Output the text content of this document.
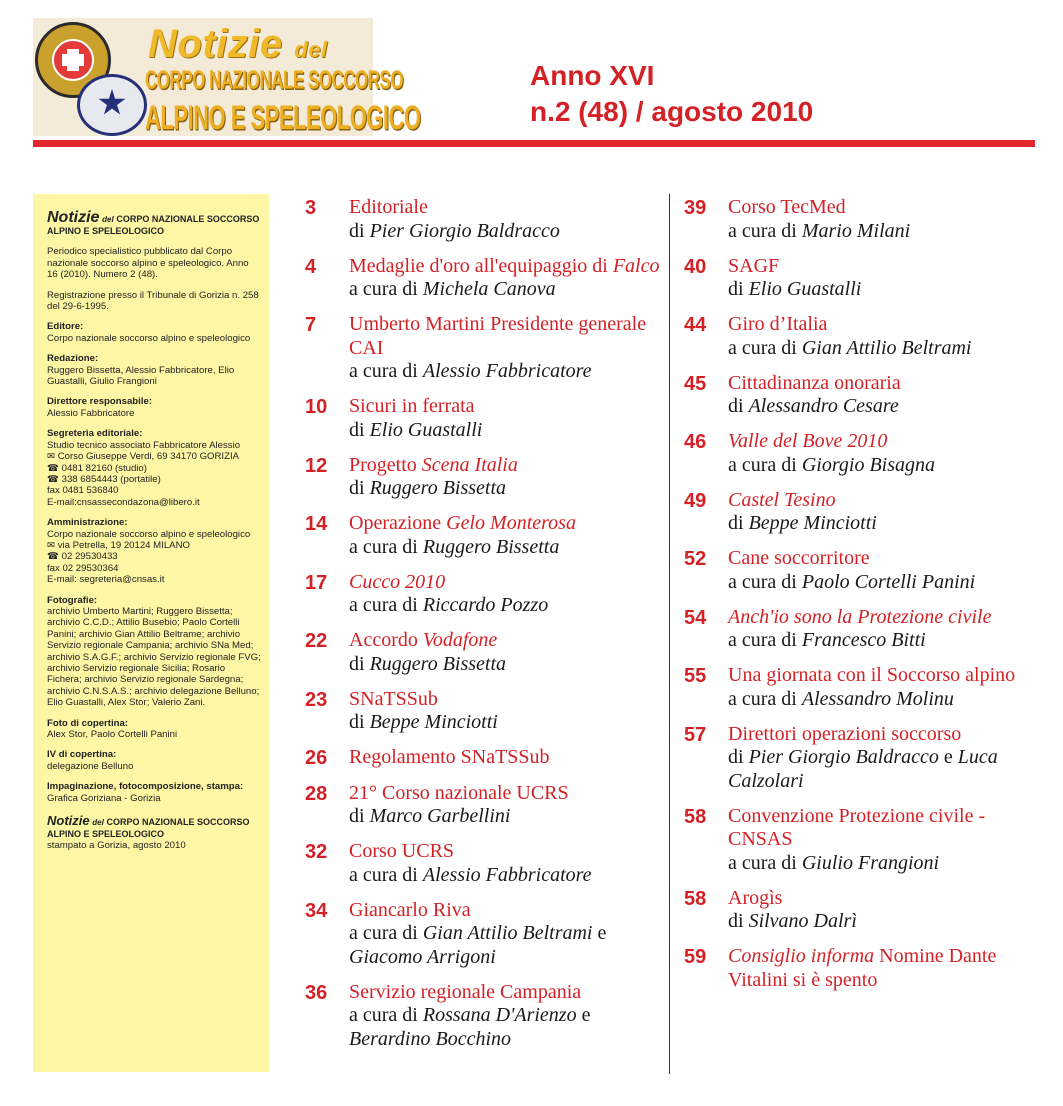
Notizie del
CORPO NAZIONALE SOCCORSO
ALPINO E SPELEOLOGICO
Anno XVI
n.2 (48) / agosto 2010

Notizie del CORPO NAZIONALE SOCCORSO ALPINO E SPELEOLOGICO

Periodico specialistico pubblicato dal Corpo nazionale soccorso alpino e speleologico. Anno 16 (2010). Numero 2 (48).

Registrazione presso il Tribunale di Gorizia n. 258 del 29-6-1995.

Editore:
Corpo nazionale soccorso alpino e speleologico

Redazione:
Ruggero Bissetta, Alessio Fabbricatore, Elio Guastalli, Giulio Frangioni

Direttore responsabile:
Alessio Fabbricatore

Segreteria editoriale:
Studio tecnico associato Fabbricatore Alessio
✉ Corso Giuseppe Verdi, 69 34170 GORIZIA
☎ 0481 82160 (studio)
☎ 338 6854443 (portatile)
fax 0481 536840
E-mail:cnsassecondazona@libero.it

Amministrazione:
Corpo nazionale soccorso alpino e speleologico
✉ via Petrella, 19 20124 MILANO
☎ 02 29530433
fax 02 29530364
E-mail: segreteria@cnsas.it

Fotografie:
archivio Umberto Martini; Ruggero Bissetta; archivio C.C.D.; Attilio Busebio; Paolo Cortelli Panini; archivio Gian Attilio Beltrame; archivio Servizio regionale Campania; archivio SNa Med; archivio S.A.G.F.; archivio Servizio regionale FVG; archivio Servizio regionale Sicilia; Rosario Fichera; archivio Servizio regionale Sardegna; archivio C.N.S.A.S.; archivio delegazione Belluno; Elio Guastalli, Alex Stor; Valerio Zani.

Foto di copertina:
Alex Stor, Paolo Cortelli Panini

IV di copertina:
delegazione Belluno

Impaginazione, fotocomposizione, stampa:
Grafica Goriziana - Gorizia

Notizie del CORPO NAZIONALE SOCCORSO ALPINO E SPELEOLOGICO
stampato a Gorizia, agosto 2010

3	Editoriale
di Pier Giorgio Baldracco
4	Medaglie d'oro all'equipaggio di Falco
a cura di Michela Canova
7	Umberto Martini Presidente generale CAI
a cura di Alessio Fabbricatore
10	Sicuri in ferrata
di Elio Guastalli
12	Progetto Scena Italia
di Ruggero Bissetta
14	Operazione Gelo Monterosa
a cura di Ruggero Bissetta
17	Cucco 2010
a cura di Riccardo Pozzo
22	Accordo Vodafone
di Ruggero Bissetta
23	SNaTSSub
di Beppe Minciotti
26	Regolamento SNaTSSub
28	21° Corso nazionale UCRS
di Marco Garbellini
32	Corso UCRS
a cura di Alessio Fabbricatore
34	Giancarlo Riva
a cura di Gian Attilio Beltrami e Giacomo Arrigoni
36	Servizio regionale Campania
a cura di Rossana D'Arienzo e Berardino Bocchino
39	Corso TecMed
a cura di Mario Milani
40	SAGF
di Elio Guastalli
44	Giro d’Italia
a cura di Gian Attilio Beltrami
45	Cittadinanza onoraria
di Alessandro Cesare
46	Valle del Bove 2010
a cura di Giorgio Bisagna
49	Castel Tesino
di Beppe Minciotti
52	Cane soccorritore
a cura di Paolo Cortelli Panini
54	Anch'io sono la Protezione civile
a cura di Francesco Bitti
55	Una giornata con il Soccorso alpino
a cura di Alessandro Molinu
57	Direttori operazioni soccorso
di Pier Giorgio Baldracco e Luca Calzolari
58	Convenzione Protezione civile - CNSAS
a cura di Giulio Frangioni
58	Arogìs
di Silvano Dalrì
59	Consiglio informa Nomine Dante Vitalini si è spento
